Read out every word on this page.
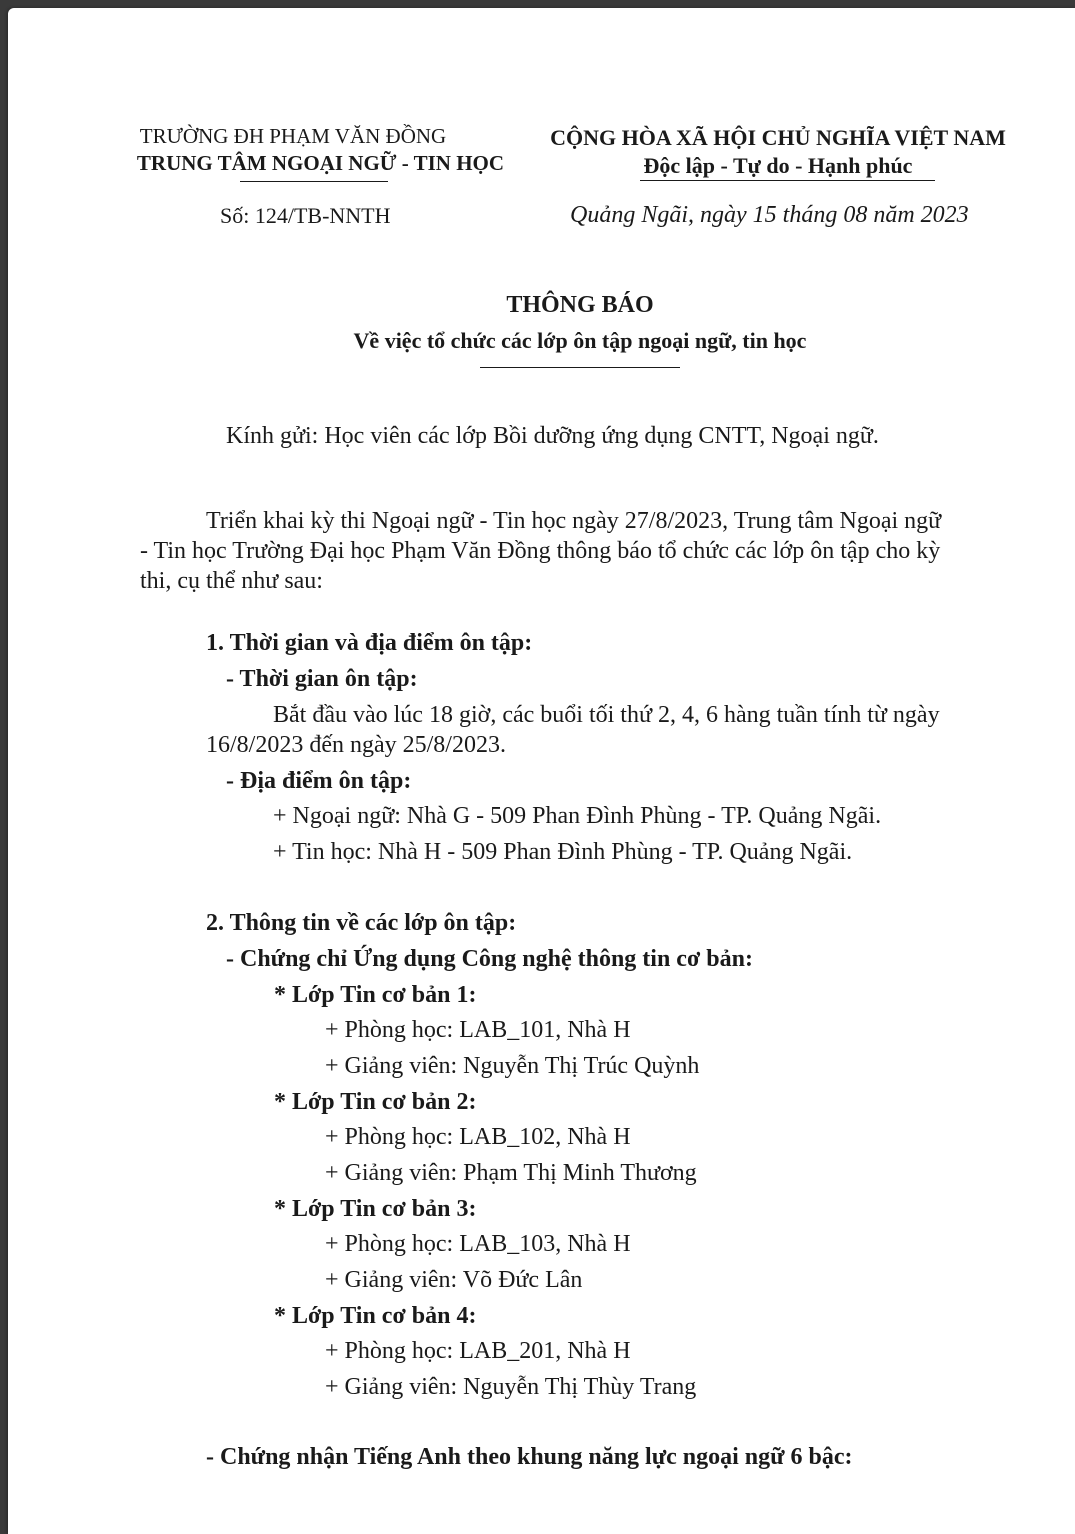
TRƯỜNG ĐH PHẠM VĂN ĐỒNG
TRUNG TÂM NGOẠI NGỮ - TIN HỌC
CỘNG HÒA XÃ HỘI CHỦ NGHĨA VIỆT NAM
Độc lập - Tự do - Hạnh phúc
Số: 124/TB-NNTH	Quảng Ngãi, ngày 15 tháng 08 năm 2023
THÔNG BÁO
Về việc tổ chức các lớp ôn tập ngoại ngữ, tin học
Kính gửi: Học viên các lớp Bồi dưỡng ứng dụng CNTT, Ngoại ngữ.
Triển khai kỳ thi Ngoại ngữ - Tin học ngày 27/8/2023, Trung tâm Ngoại ngữ
- Tin học Trường Đại học Phạm Văn Đồng thông báo tổ chức các lớp ôn tập cho kỳ
thi, cụ thể như sau:
1. Thời gian và địa điểm ôn tập:
- Thời gian ôn tập:
Bắt đầu vào lúc 18 giờ, các buổi tối thứ 2, 4, 6 hàng tuần tính từ ngày
16/8/2023 đến ngày 25/8/2023.
- Địa điểm ôn tập:
+ Ngoại ngữ: Nhà G - 509 Phan Đình Phùng - TP. Quảng Ngãi.
+ Tin học: Nhà H - 509 Phan Đình Phùng - TP. Quảng Ngãi.
2. Thông tin về các lớp ôn tập:
- Chứng chỉ Ứng dụng Công nghệ thông tin cơ bản:
* Lớp Tin cơ bản 1:
+ Phòng học: LAB_101, Nhà H
+ Giảng viên: Nguyễn Thị Trúc Quỳnh
* Lớp Tin cơ bản 2:
+ Phòng học: LAB_102, Nhà H
+ Giảng viên: Phạm Thị Minh Thương
* Lớp Tin cơ bản 3:
+ Phòng học: LAB_103, Nhà H
+ Giảng viên: Võ Đức Lân
* Lớp Tin cơ bản 4:
+ Phòng học: LAB_201, Nhà H
+ Giảng viên: Nguyễn Thị Thùy Trang
- Chứng nhận Tiếng Anh theo khung năng lực ngoại ngữ 6 bậc:
